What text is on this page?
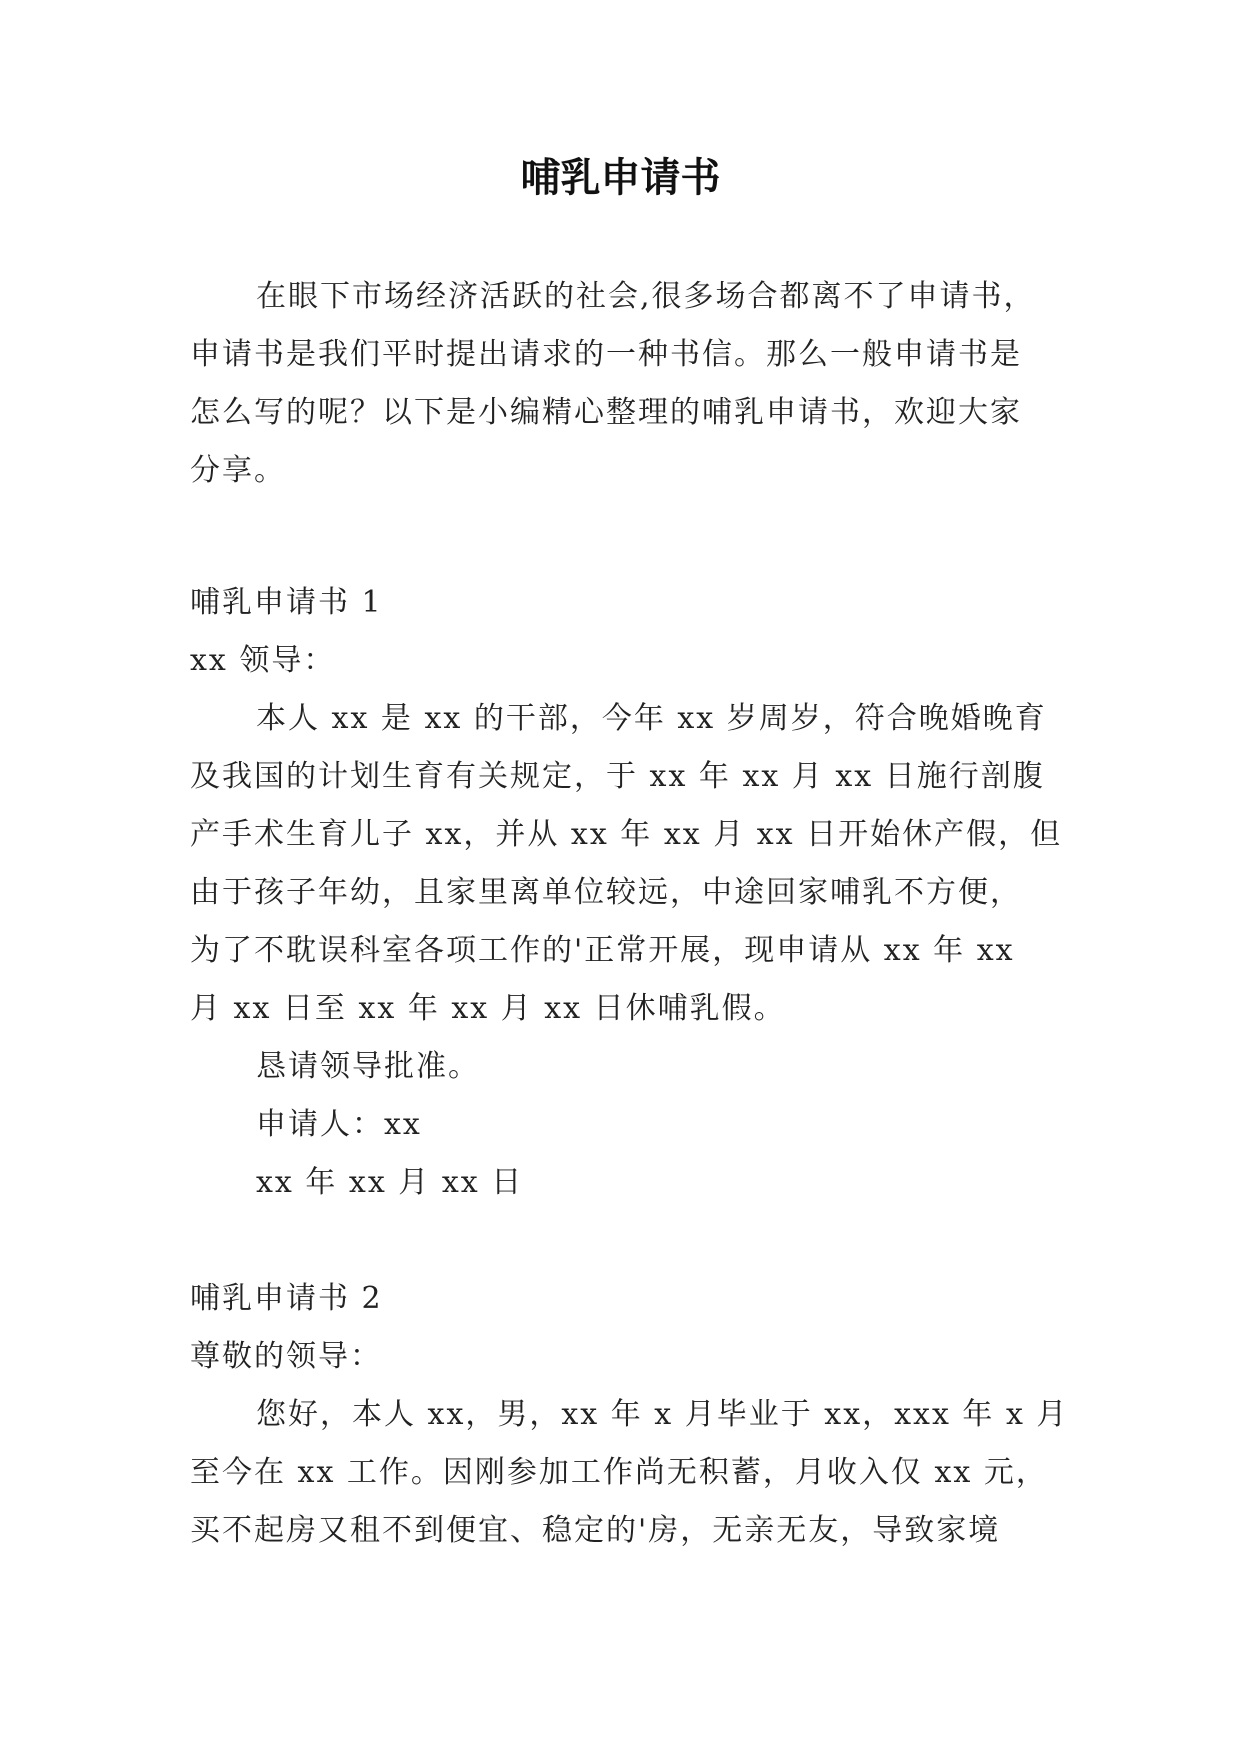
哺乳申请书
在眼下市场经济活跃的社会,很多场合都离不了申请书，
申请书是我们平时提出请求的一种书信。那么一般申请书是
怎么写的呢？以下是小编精心整理的哺乳申请书，欢迎大家
分享。
哺乳申请书 1
xx 领导：
本人 xx 是 xx 的干部，今年 xx 岁周岁，符合晚婚晚育
及我国的计划生育有关规定，于 xx 年 xx 月 xx 日施行剖腹
产手术生育儿子 xx，并从 xx 年 xx 月 xx 日开始休产假，但
由于孩子年幼，且家里离单位较远，中途回家哺乳不方便，
为了不耽误科室各项工作的'正常开展，现申请从 xx 年 xx
月 xx 日至 xx 年 xx 月 xx 日休哺乳假。
恳请领导批准。
申请人：xx
xx 年 xx 月 xx 日
哺乳申请书 2
尊敬的领导：
您好，本人 xx，男，xx 年 x 月毕业于 xx，xxx 年 x 月
至今在 xx 工作。因刚参加工作尚无积蓄，月收入仅 xx 元，
买不起房又租不到便宜、稳定的'房，无亲无友，导致家境
